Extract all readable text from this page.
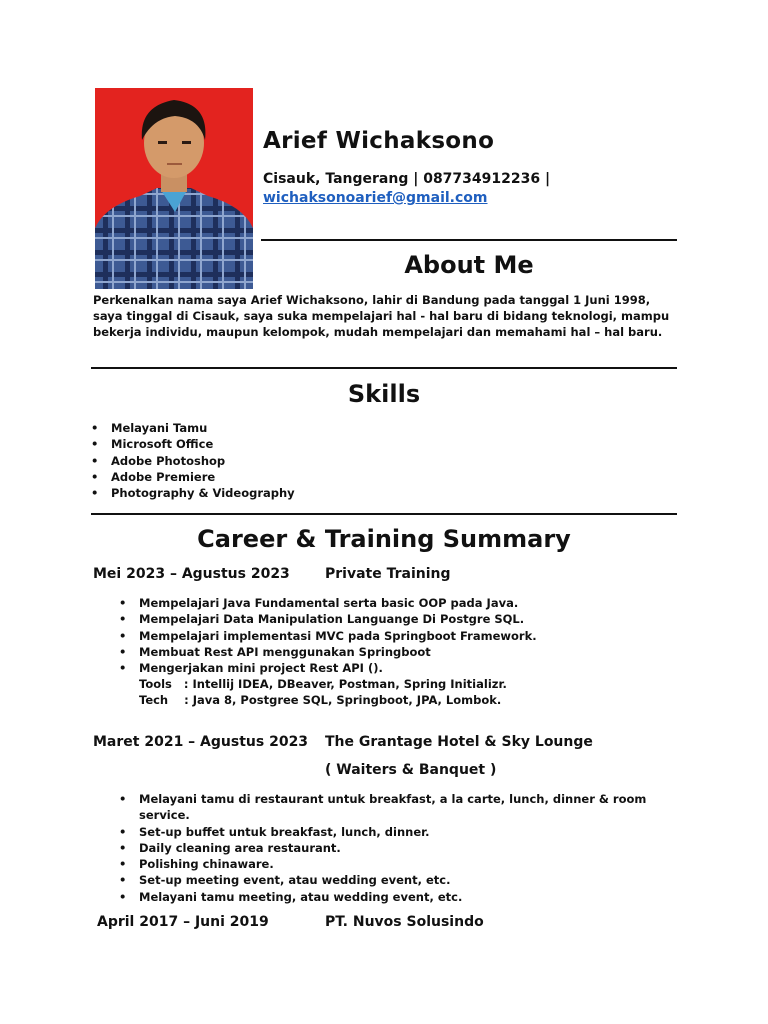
Arief Wichaksono
Cisauk, Tangerang | 087734912236 |
wichaksonoarief@gmail.com
About Me
Perkenalkan nama saya Arief Wichaksono, lahir di Bandung pada tanggal 1 Juni 1998, saya tinggal di Cisauk, saya suka mempelajari hal - hal baru di bidang teknologi, mampu bekerja individu, maupun kelompok, mudah mempelajari dan memahami hal – hal baru.
Skills
• Melayani Tamu
• Microsoft Office
• Adobe Photoshop
• Adobe Premiere
• Photography & Videography
Career & Training Summary
Mei 2023 – Agustus 2023	Private Training
• Mempelajari Java Fundamental serta basic OOP pada Java.
• Mempelajari Data Manipulation Languange Di Postgre SQL.
• Mempelajari implementasi MVC pada Springboot Framework.
• Membuat Rest API menggunakan Springboot
• Mengerjakan mini project Rest API ().
Tools   : Intellij IDEA, DBeaver, Postman, Spring Initializr.
Tech    : Java 8, Postgree SQL, Springboot, JPA, Lombok.
Maret 2021 – Agustus 2023 The Grantage Hotel & Sky Lounge
( Waiters & Banquet )
• Melayani tamu di restaurant untuk breakfast, a la carte, lunch, dinner & room service.
• Set-up buffet untuk breakfast, lunch, dinner.
• Daily cleaning area restaurant.
• Polishing chinaware.
• Set-up meeting event, atau wedding event, etc.
• Melayani tamu meeting, atau wedding event, etc.
April 2017 – Juni 2019	PT. Nuvos Solusindo
